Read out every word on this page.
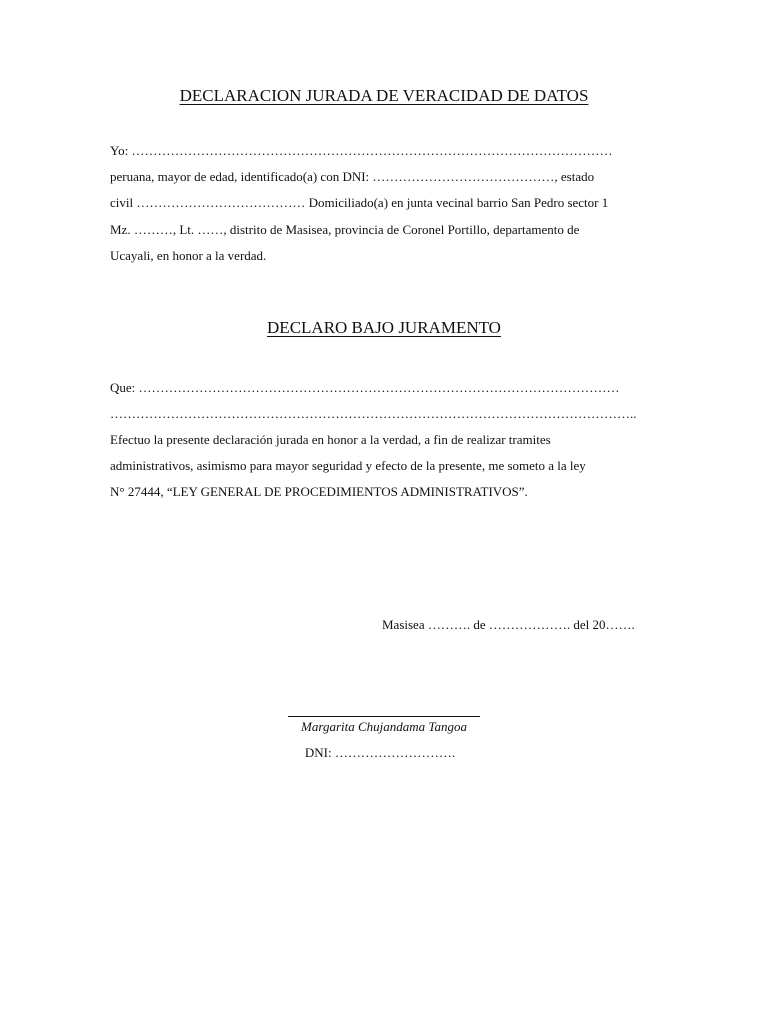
DECLARACION JURADA DE VERACIDAD DE DATOS
Yo: …………………………………………………………………………………………………
peruana, mayor de edad, identificado(a) con DNI: ……………………………………, estado
civil ………………………………… Domiciliado(a) en junta vecinal barrio San Pedro sector 1
Mz. ………, Lt. ……, distrito de Masisea, provincia de Coronel Portillo, departamento de
Ucayali, en honor a la verdad.
DECLARO BAJO JURAMENTO
Que: …………………………………………………………………………………………………
…………………………………………………………………………………………………………..
Efectuo la presente declaración jurada en honor a la verdad, a fin de realizar tramites
administrativos, asimismo para mayor seguridad y efecto de la presente, me someto a la ley
N° 27444, “LEY GENERAL DE PROCEDIMIENTOS ADMINISTRATIVOS”.
Masisea ………. de ………………. del 20…….
Margarita Chujandama Tangoa
DNI: ……………………….
